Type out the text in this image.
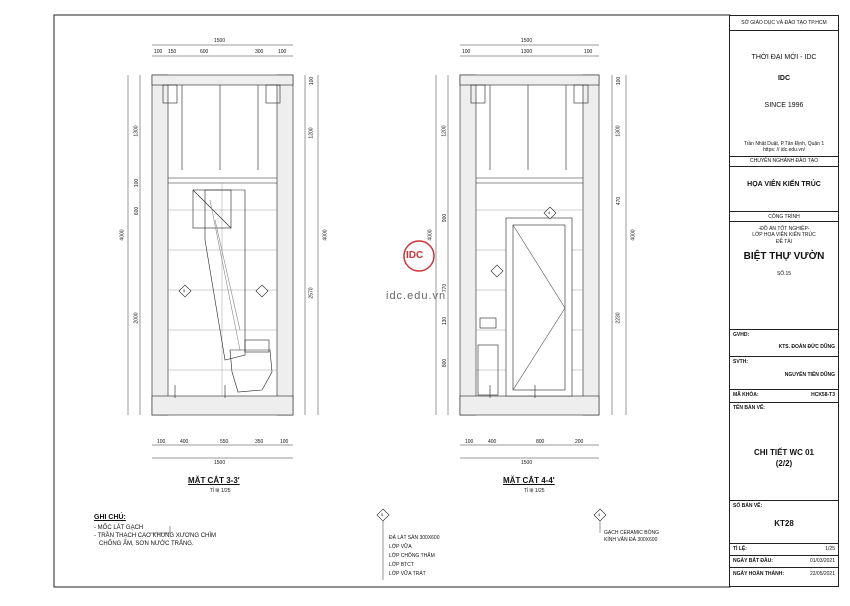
1500
100 150	600	300	100
100	400	550	350	100
1500
4000
1300
100
600
2000
100
1200
4000
2570
5
MẶT CẮT 3-3'
Tỉ lệ 1/25
1500
100	1300	100
100	400	800	200
1500
4000
1200
900
770
130
800
100
1300
470
2230
4000
4
MẶT CẮT 4-4'
Tỉ lệ 1/25
IDC
idc.edu.vn
GHI CHÚ:
- MỐC LÁT GẠCH
- TRẦN THẠCH CAO KHUNG XƯƠNG CHÌM
CHỐNG ẨM, SƠN NƯỚC TRẮNG.
5
ĐÁ LÁT SÀN 300X600
LỚP VỮA
LỚP CHỐNG THẤM
LỚP BTCT
LỚP VỮA TRÁT
4
GẠCH CERAMIC BÓNG
KÍNH VÂN ĐÁ 300X600
SỞ GIÁO DỤC VÀ ĐÀO TẠO TP.HCM
THỜI ĐẠI MỚI - IDC
IDC
SINCE 1996
Trần Nhật Duật, P.Tân Định, Quận 1
https: // idc.edu.vn/
CHUYÊN NGHÀNH ĐÀO TẠO
HỌA VIÊN KIẾN TRÚC
CÔNG TRÌNH
-ĐỒ ÁN TỐT NGHIỆP-
LỚP HỌA VIÊN KIẾN TRÚC
ĐỀ TÀI
BIỆT THỰ VƯỜN
SỐ.15
GVHD:
KTS. ĐOÀN ĐỨC DŨNG
SVTH:
NGUYỄN TIẾN DŨNG
MÃ KHÓA:	HCK58-T3
TÊN BẢN VẼ:
CHI TIẾT WC 01
(2/2)
SỐ BẢN VẼ:
KT28
TỈ LỆ:	1/25
NGÀY BẮT ĐẦU:	01/03/2021
NGÀY HOÀN THÀNH:	22/05/2021
